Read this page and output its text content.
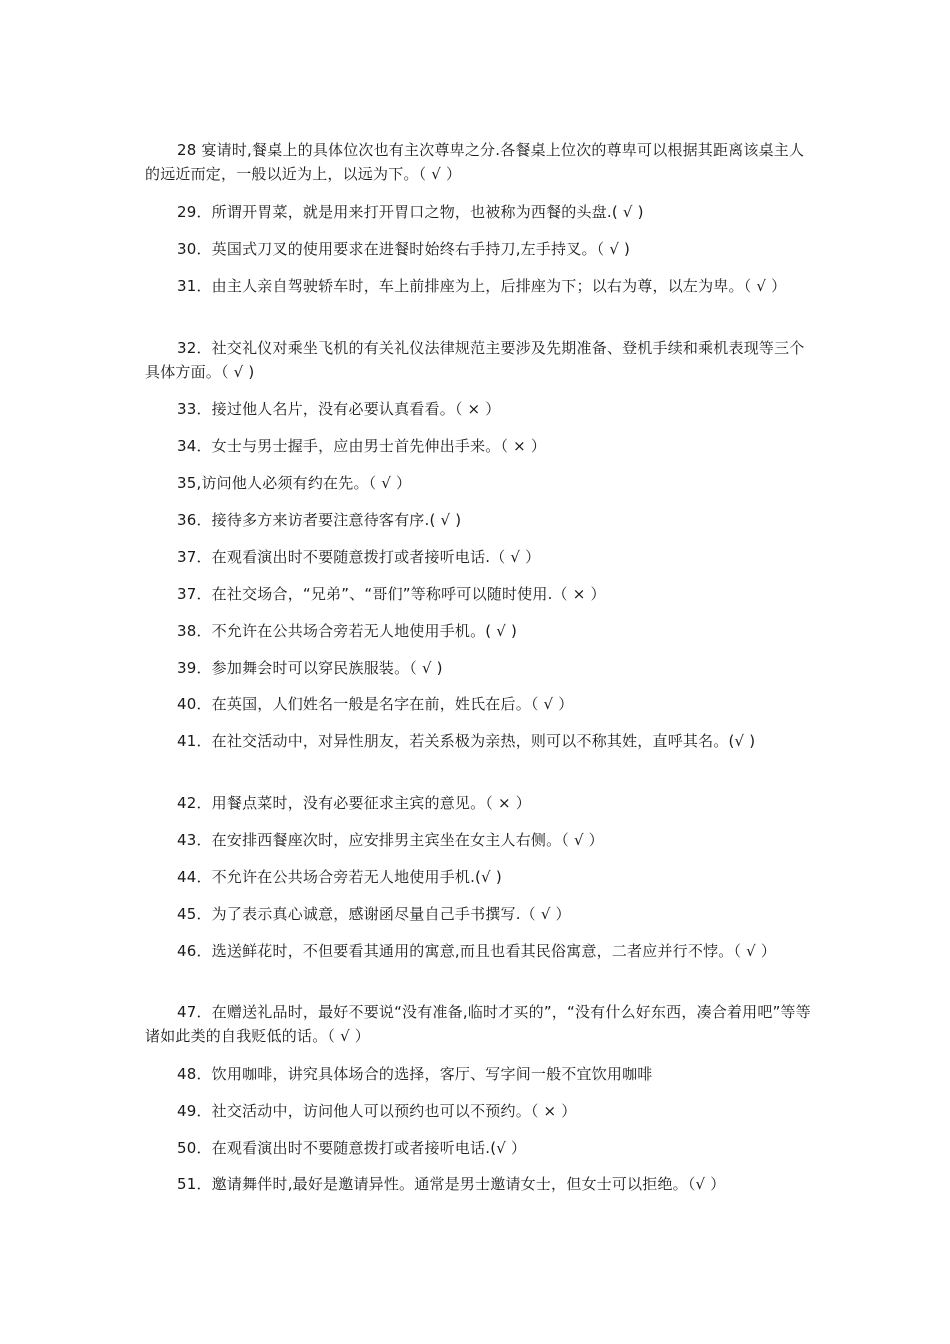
28 宴请时,餐桌上的具体位次也有主次尊卑之分.各餐桌上位次的尊卑可以根据其距离该桌主人的远近而定，一般以近为上，以远为下。（ √ ）

29．所谓开胃菜，就是用来打开胃口之物，也被称为西餐的头盘.( √ )

30．英国式刀叉的使用要求在进餐时始终右手持刀,左手持叉。（ √ )

31．由主人亲自驾驶轿车时，车上前排座为上，后排座为下；以右为尊，以左为卑。（ √ ）

32．社交礼仪对乘坐飞机的有关礼仪法律规范主要涉及先期准备、登机手续和乘机表现等三个具体方面。（ √ )

33．接过他人名片，没有必要认真看看。（ × ）

34．女士与男士握手，应由男士首先伸出手来。（ × ）

35,访问他人必须有约在先。（ √ ）

36．接待多方来访者要注意待客有序.( √ )

37．在观看演出时不要随意拨打或者接听电话.（ √ ）

37．在社交场合，“兄弟”、“哥们”等称呼可以随时使用.（ × ）

38．不允许在公共场合旁若无人地使用手机。( √ )

39．参加舞会时可以穿民族服装。（ √ )

40．在英国，人们姓名一般是名字在前，姓氏在后。（ √ ）

41．在社交活动中，对异性朋友，若关系极为亲热，则可以不称其姓，直呼其名。(√ )

42．用餐点菜时，没有必要征求主宾的意见。（ × ）

43．在安排西餐座次时，应安排男主宾坐在女主人右侧。（ √ ）

44．不允许在公共场合旁若无人地使用手机.(√ )

45．为了表示真心诚意，感谢函尽量自己手书撰写.（ √ ）

46．选送鲜花时，不但要看其通用的寓意,而且也看其民俗寓意，二者应并行不悖。（ √ ）

47．在赠送礼品时，最好不要说“没有准备,临时才买的”，“没有什么好东西，凑合着用吧”等等诸如此类的自我贬低的话。（ √ ）

48．饮用咖啡，讲究具体场合的选择，客厅、写字间一般不宜饮用咖啡

49．社交活动中，访问他人可以预约也可以不预约。（ × ）

50．在观看演出时不要随意拨打或者接听电话.(√ ）

51．邀请舞伴时,最好是邀请异性。通常是男士邀请女士，但女士可以拒绝。（√ ）
